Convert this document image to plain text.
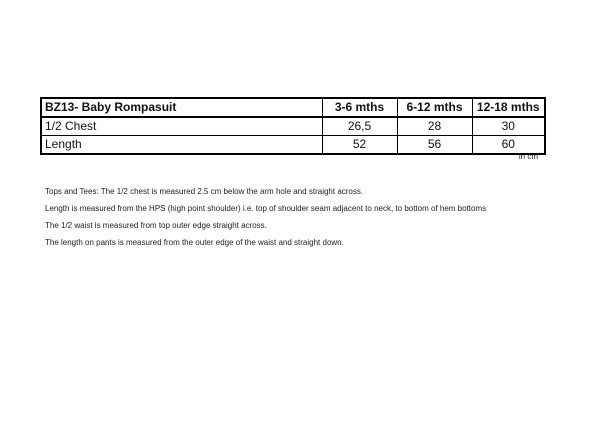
BZ13- Baby Rompasuit	3-6 mths	6-12 mths	12-18 mths
1/2 Chest	26,5	28	30
Length	52	56	60
in cm

Tops and Tees: The 1/2 chest is measured 2.5 cm below the arm hole and straight across.

Length is measured from the HPS (high point shoulder) i.e. top of shoulder seam adjacent to neck, to bottom of hem bottoms

The 1/2 waist is measured from top outer edge straight across.

The length on pants is measured from the outer edge of the waist and straight down.
